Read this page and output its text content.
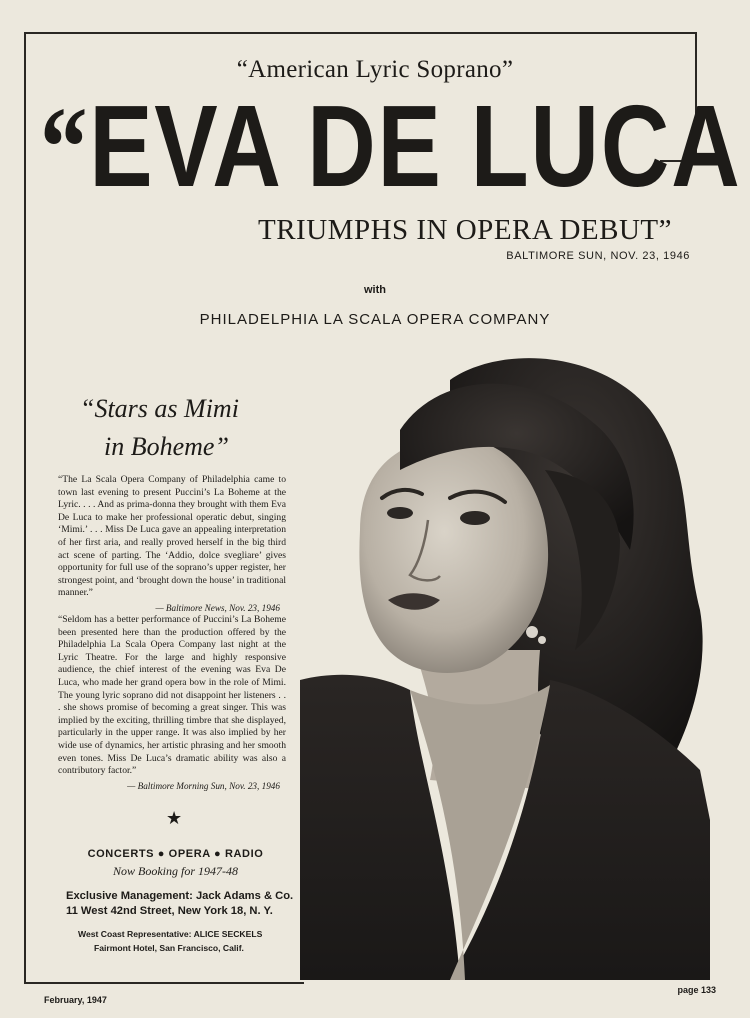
“American Lyric Soprano”
“EVA DE LUCA
TRIUMPHS IN OPERA DEBUT”
BALTIMORE SUN, NOV. 23, 1946
with
PHILADELPHIA LA SCALA OPERA COMPANY
“Stars as Mimi
in Boheme”
“The La Scala Opera Company of Philadelphia came to town last evening to present Puccini’s La Boheme at the Lyric. . . . And as prima-donna they brought with them Eva De Luca to make her professional operatic debut, singing ‘Mimi.’ . . . Miss De Luca gave an appealing interpretation of her first aria, and really proved herself in the big third act scene of parting. The ‘Addio, dolce svegliare’ gives opportunity for full use of the soprano’s upper register, her strongest point, and ‘brought down the house’ in traditional manner.”
— Baltimore News, Nov. 23, 1946
“Seldom has a better performance of Puccini’s La Boheme been presented here than the production offered by the Philadelphia La Scala Opera Company last night at the Lyric Theatre. For the large and highly responsive audience, the chief interest of the evening was Eva De Luca, who made her grand opera bow in the role of Mimi. The young lyric soprano did not disappoint her listeners . . . she shows promise of becoming a great singer. This was implied by the exciting, thrilling timbre that she displayed, particularly in the upper range. It was also implied by her wide use of dynamics, her artistic phrasing and her smooth even tones. Miss De Luca’s dramatic ability was also a contributory factor.”
— Baltimore Morning Sun, Nov. 23, 1946
★
CONCERTS ● OPERA ● RADIO
Now Booking for 1947-48
Exclusive Management: Jack Adams & Co.
11 West 42nd Street, New York 18, N. Y.
West Coast Representative: ALICE SECKELS
Fairmont Hotel, San Francisco, Calif.
February, 1947
page 133
